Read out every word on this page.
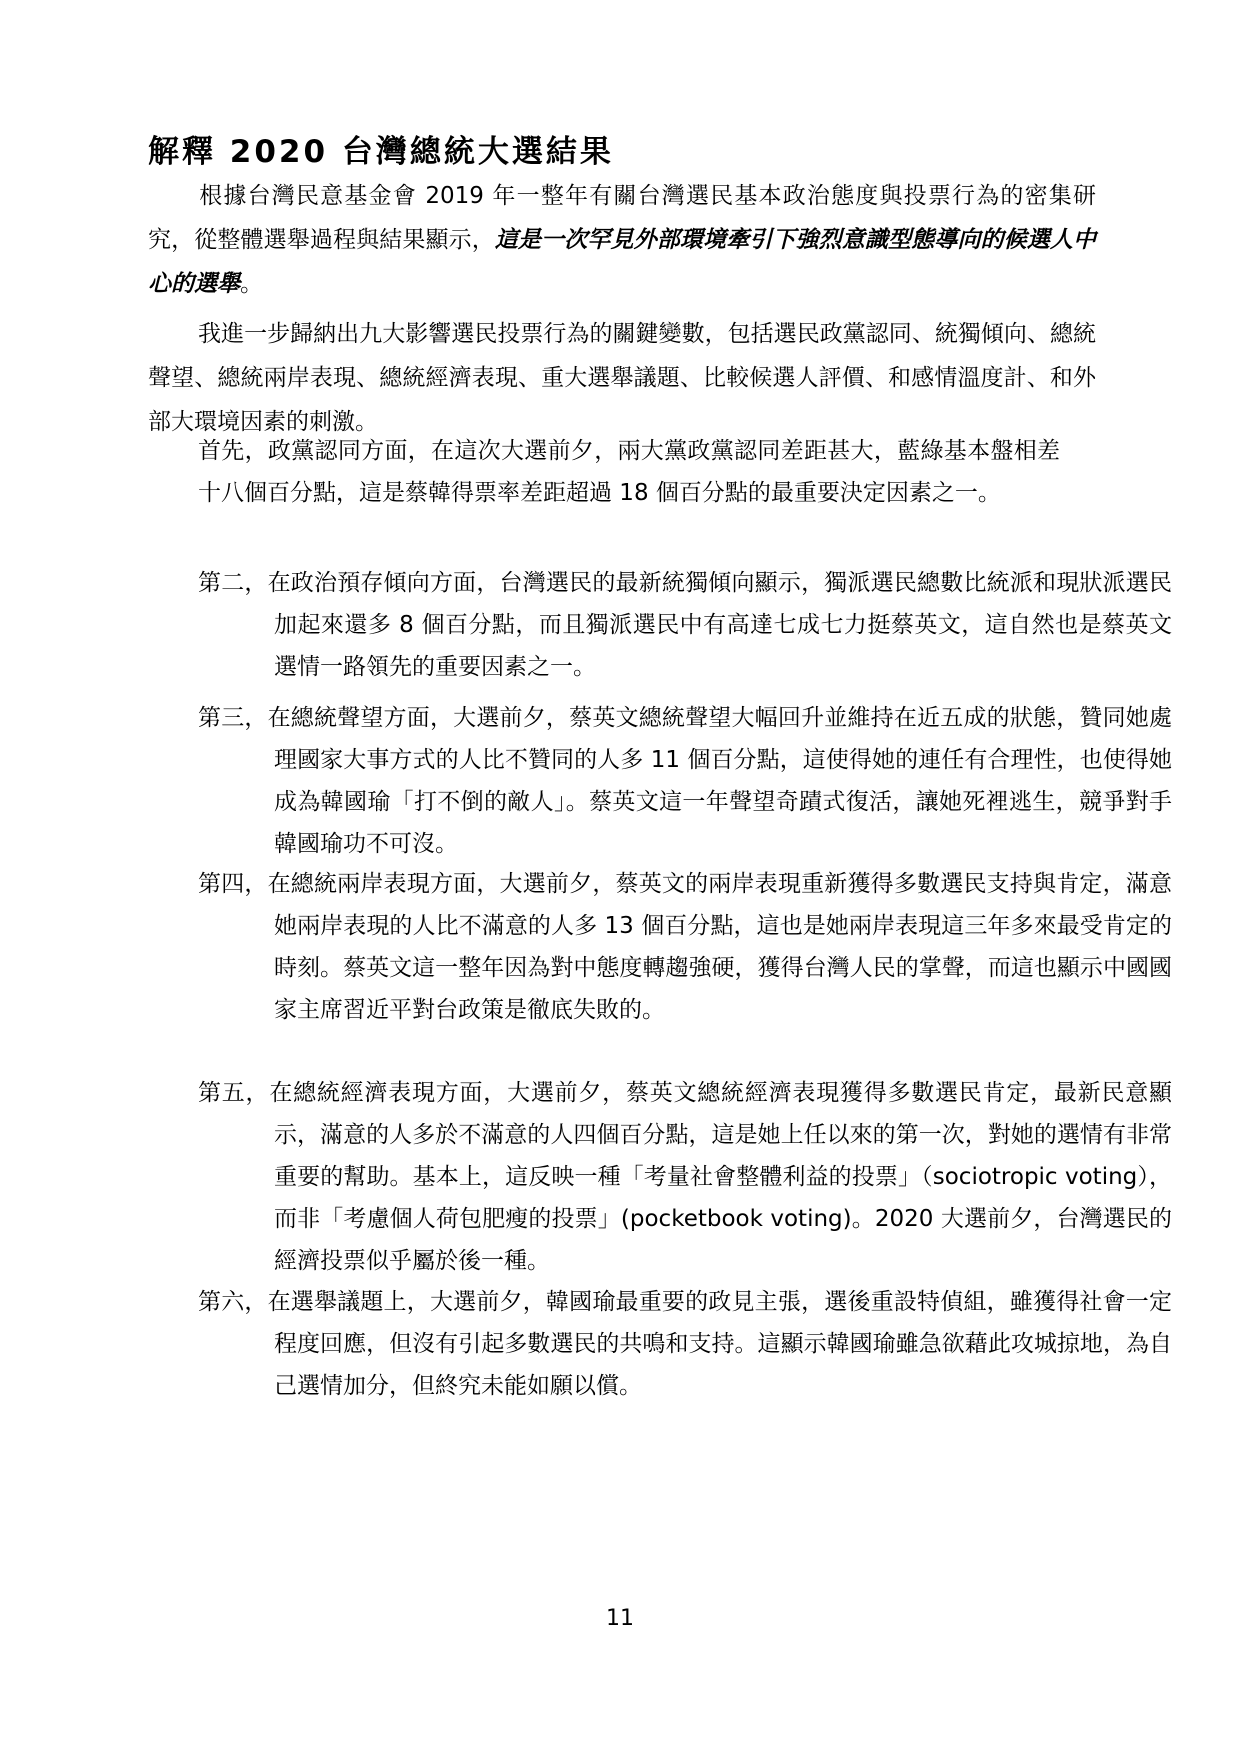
解釋 2020 台灣總統大選結果

根據台灣民意基金會 2019 年一整年有關台灣選民基本政治態度與投票行為的密集研究，從整體選舉過程與結果顯示，這是一次罕見外部環境牽引下強烈意識型態導向的候選人中心的選舉。

我進一步歸納出九大影響選民投票行為的關鍵變數，包括選民政黨認同、統獨傾向、總統聲望、總統兩岸表現、總統經濟表現、重大選舉議題、比較候選人評價、和感情溫度計、和外部大環境因素的刺激。

首先，政黨認同方面，在這次大選前夕，兩大黨政黨認同差距甚大，藍綠基本盤相差十八個百分點，這是蔡韓得票率差距超過 18 個百分點的最重要決定因素之一。

第二，在政治預存傾向方面，台灣選民的最新統獨傾向顯示，獨派選民總數比統派和現狀派選民加起來還多 8 個百分點，而且獨派選民中有高達七成七力挺蔡英文，這自然也是蔡英文選情一路領先的重要因素之一。

第三，在總統聲望方面，大選前夕，蔡英文總統聲望大幅回升並維持在近五成的狀態，贊同她處理國家大事方式的人比不贊同的人多 11 個百分點，這使得她的連任有合理性，也使得她成為韓國瑜「打不倒的敵人」。蔡英文這一年聲望奇蹟式復活，讓她死裡逃生，競爭對手韓國瑜功不可沒。

第四，在總統兩岸表現方面，大選前夕，蔡英文的兩岸表現重新獲得多數選民支持與肯定，滿意她兩岸表現的人比不滿意的人多 13 個百分點，這也是她兩岸表現這三年多來最受肯定的時刻。蔡英文這一整年因為對中態度轉趨強硬，獲得台灣人民的掌聲，而這也顯示中國國家主席習近平對台政策是徹底失敗的。

第五，在總統經濟表現方面，大選前夕，蔡英文總統經濟表現獲得多數選民肯定，最新民意顯示，滿意的人多於不滿意的人四個百分點，這是她上任以來的第一次，對她的選情有非常重要的幫助。基本上，這反映一種「考量社會整體利益的投票」（sociotropic voting），而非「考慮個人荷包肥瘦的投票」(pocketbook voting)。2020 大選前夕，台灣選民的經濟投票似乎屬於後一種。

第六，在選舉議題上，大選前夕，韓國瑜最重要的政見主張，選後重設特偵組，雖獲得社會一定程度回應，但沒有引起多數選民的共鳴和支持。這顯示韓國瑜雖急欲藉此攻城掠地，為自己選情加分，但終究未能如願以償。

11
